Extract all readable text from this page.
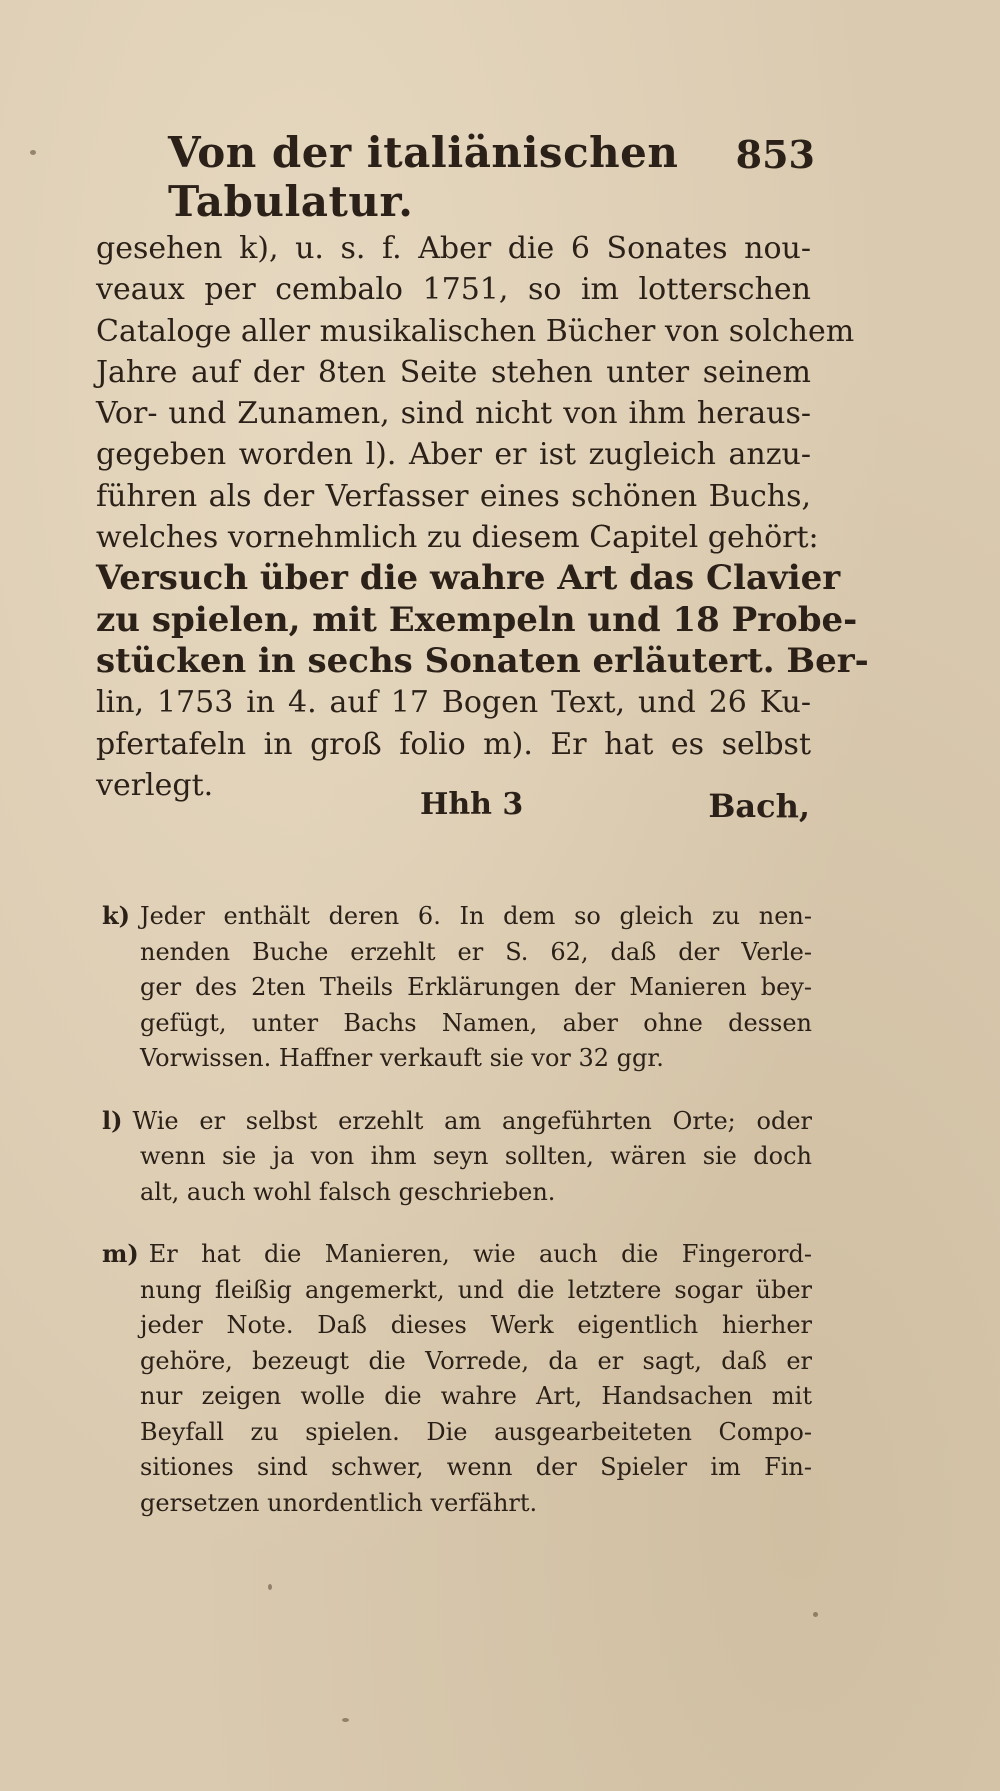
Von der italiänischen Tabulatur.
853
gesehen k), u. s. f. Aber die 6 Sonates nou-
veaux per cembalo 1751, so im lotterschen
Cataloge aller musikalischen Bücher von solchem
Jahre auf der 8ten Seite stehen unter seinem
Vor- und Zunamen, sind nicht von ihm heraus-
gegeben worden l). Aber er ist zugleich anzu-
führen als der Verfasser eines schönen Buchs,
welches vornehmlich zu diesem Capitel gehört:
Versuch über die wahre Art das Clavier
zu spielen, mit Exempeln und 18 Probe-
stücken in sechs Sonaten erläutert. Ber-
lin, 1753 in 4. auf 17 Bogen Text, und 26 Ku-
pfertafeln in groß folio m). Er hat es selbst
verlegt.
Hhh 3	Bach,
k) Jeder enthält deren 6. In dem so gleich zu nen-
nenden Buche erzehlt er S. 62, daß der Verle-
ger des 2ten Theils Erklärungen der Manieren bey-
gefügt, unter Bachs Namen, aber ohne dessen
Vorwissen. Haffner verkauft sie vor 32 ggr.
l) Wie er selbst erzehlt am angeführten Orte; oder
wenn sie ja von ihm seyn sollten, wären sie doch
alt, auch wohl falsch geschrieben.
m) Er hat die Manieren, wie auch die Fingerord-
nung fleißig angemerkt, und die letztere sogar über
jeder Note. Daß dieses Werk eigentlich hierher
gehöre, bezeugt die Vorrede, da er sagt, daß er
nur zeigen wolle die wahre Art, Handsachen mit
Beyfall zu spielen. Die ausgearbeiteten Compo-
sitiones sind schwer, wenn der Spieler im Fin-
gersetzen unordentlich verfährt.
